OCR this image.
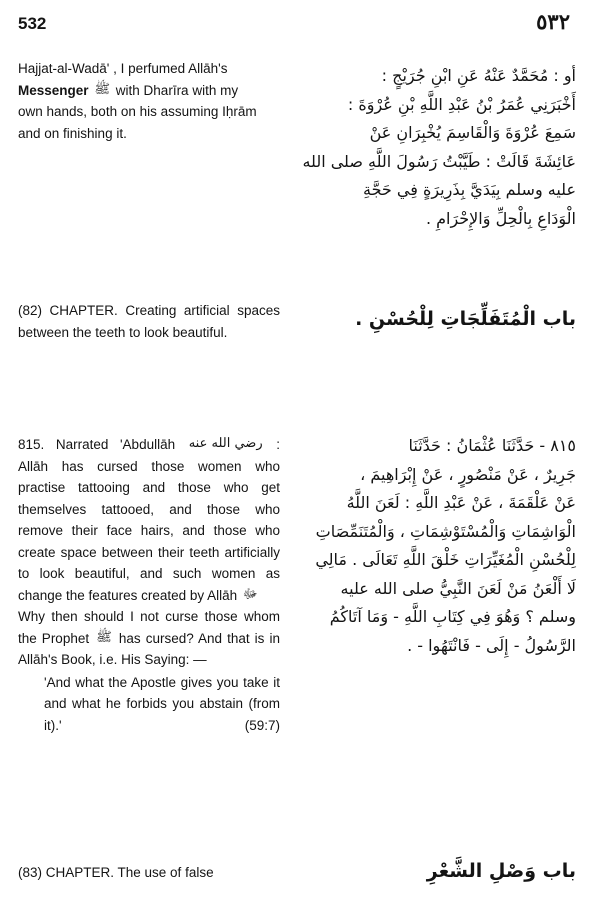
532	٥٣٢

Hajjat-al-Wadā' , I perfumed Allāh's

Messenger ﷺ with Dharīra with my

own hands, both on his assuming Iḥrām

and on finishing it.

أو : مُحَمَّدٌ عَنْهُ عَنِ ابْنِ جُرَيْجٍ :

أَخْبَرَنِي عُمَرُ بْنُ عَبْدِ اللَّهِ بْنِ عُرْوَةَ :

سَمِعَ عُرْوَةَ وَالْقَاسِمَ يُخْبِرَانِ عَنْ

عَائِشَةَ قَالَتْ : طَيَّبْتُ رَسُولَ اللَّهِ صلى الله

عليه وسلم بِيَدَيَّ بِذَرِيرَةٍ فِي حَجَّةِ

الْوَدَاعِ بِالْحِلِّ وَالإِحْرَامِ .

(82) CHAPTER. Creating artificial spaces between the teeth to look beautiful.

باب الْمُتَفَلِّجَاتِ لِلْحُسْنِ .

815. Narrated 'Abdullāh رضي الله عنه : Allāh has cursed those women who practise tattooing and those who get themselves tattooed, and those who remove their face hairs, and those who create space between their teeth artificially to look beautiful, and such women as change the features created by Allāh ﷻ

Why then should I not curse those whom the Prophet ﷺ has cursed? And that is in Allāh's Book, i.e. His Saying: —

'And what the Apostle gives you take it and what he forbids you abstain (from it).'	(59:7)

٨١٥ - حَدَّثَنَا عُثْمَانُ : حَدَّثَنَا

جَرِيرٌ ، عَنْ مَنْصُورٍ ، عَنْ إِبْرَاهِيمَ ،

عَنْ عَلْقَمَةَ ، عَنْ عَبْدِ اللَّهِ : لَعَنَ اللَّهُ

الْوَاشِمَاتِ وَالْمُسْتَوْشِمَاتِ ، وَالْمُتَنَمِّصَاتِ

لِلْحُسْنِ الْمُغَيِّرَاتِ خَلْقَ اللَّهِ تَعَالَى . مَالِي

لَا أَلْعَنُ مَنْ لَعَنَ النَّبِيُّ صلى الله عليه

وسلم ؟ وَهُوَ فِي كِتَابِ اللَّهِ - وَمَا آتَاكُمُ

الرَّسُولُ - إِلَى - فَانْتَهُوا - .

(83) CHAPTER. The use of false	باب وَصْلِ الشَّعْرِ
